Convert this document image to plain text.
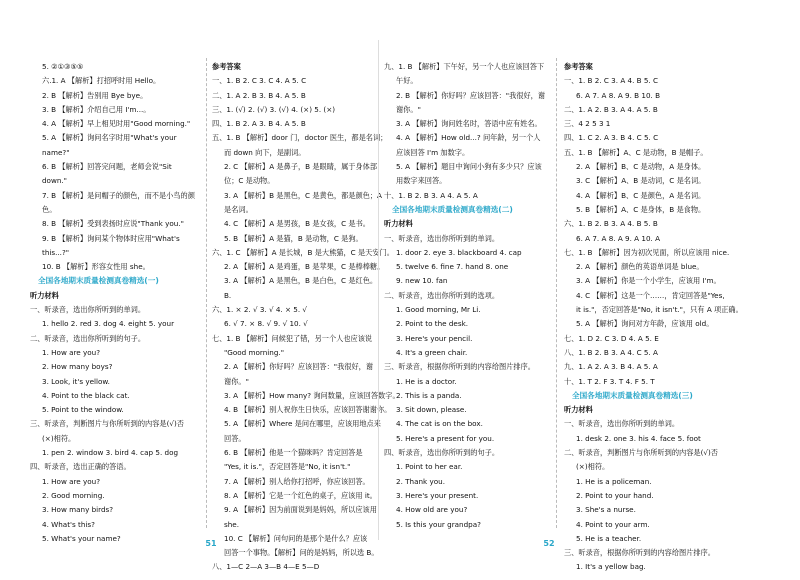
5. ②①③⑤⑤
六.1. A 【解析】打招呼时用 Hello。
2. B 【解析】告别用 Bye bye。
3. B 【解析】介绍自己用 I'm...。
4. A 【解析】早上相见时用"Good morning."
5. A 【解析】询问名字时用"What's your
name?"
6. B 【解析】回答完问题，老师会说"Sit
down."
7. B 【解析】是问帽子的颜色，而不是小鸟的颜
色。
8. B 【解析】受到表扬时应说"Thank you."
9. B 【解析】询问某个物体时应用"What's
this...?"
10. B 【解析】形容女性用 she。
全国各地期末质量检测真卷精选(一)
听力材料
一、听录音，选出你所听到的单词。
1. hello 2. red 3. dog 4. eight 5. your
二、听录音，选出你所听到的句子。
1. How are you?
2. How many boys?
3. Look, it's yellow.
4. Point to the black cat.
5. Point to the window.
三、听录音，判断图片与你所听到的内容是(√)否
(×)相符。
1. pen 2. window 3. bird 4. cap 5. dog
四、听录音，选出正确的答语。
1. How are you?
2. Good morning.
3. How many birds?
4. What's this?
5. What's your name?
参考答案
一、1. B 2. C 3. C 4. A 5. C
二、1. A 2. B 3. B 4. A 5. B
三、1. (√) 2. (√) 3. (√) 4. (×) 5. (×)
四、1. B 2. A 3. B 4. A 5. B
五、1. B 【解析】door 门，doctor 医生，都是名词；
而 down 向下，是副词。
2. C 【解析】A 是鼻子，B 是眼睛，属于身体部
位；C 是动物。
3. A 【解析】B 是黑色，C 是黄色，都是颜色；A
是名词。
4. C 【解析】A 是男孩，B 是女孩，C 是书。
5. B 【解析】A 是猫，B 是动物，C 是狗。
六、1. C 【解析】A 是长城，B 是大熊猫，C 是天安门。
2. A 【解析】A 是鸡蛋，B 是苹果，C 是棒棒糖。
3. A 【解析】A 是黑色，B 是白色，C 是红色。
B.
六、1. × 2. √ 3. √ 4. × 5. √
6. √ 7. × 8. √ 9. √ 10. √
七、1. B 【解析】问候犯了错，另一个人也应该说
"Good morning."
2. A 【解析】你好吗？应该回答："我很好，谢
谢你。"
3. A 【解析】How many? 询问数量，应该回答数字。
4. B 【解析】别人祝你生日快乐，应该回答谢谢你。
5. A 【解析】Where 是问在哪里，应该用地点来
回答。
6. B 【解析】他是一个猫咪吗？肯定回答是
"Yes, it is."，否定回答是"No, it isn't."
7. A 【解析】别人给你打招呼，你应该回答。
8. A 【解析】它是一个红色的桌子，应该用 it。
9. A 【解析】因为前面说到是妈妈，所以应该用
she.
10. C 【解析】问句问的是那个是什么？应该
回答一个事物。【解析】问的是妈妈，所以选 B。
八、1—C 2—A 3—B 4—E 5—D
51
九、1. B 【解析】下午好，另一个人也应该回答下
午好。
2. B 【解析】你好吗？应该回答："我很好，谢
谢你。"
3. A 【解析】询问姓名时，答语中应有姓名。
4. A 【解析】How old...? 问年龄，另一个人
应该回答 I'm 加数字。
5. A 【解析】题目中询问小狗有多少只？应该
用数字来回答。
十、1. B 2. B 3. A 4. A 5. A
全国各地期末质量检测真卷精选(二)
听力材料
一、听录音，选出你所听到的单词。
1. door 2. eye 3. blackboard 4. cap
5. twelve 6. fine 7. hand 8. one
9. new 10. fan
二、听录音，选出你所听到的选项。
1. Good morning, Mr Li.
2. Point to the desk.
3. Here's your pencil.
4. It's a green chair.
三、听录音，根据你所听到的内容给图片排序。
1. He is a doctor.
2. This is a panda.
3. Sit down, please.
4. The cat is on the box.
5. Here's a present for you.
四、听录音，选出你所听到的句子。
1. Point to her ear.
2. Thank you.
3. Here's your present.
4. How old are you?
5. Is this your grandpa?
参考答案
一、1. B 2. C 3. A 4. B 5. C
6. A 7. A 8. A 9. B 10. B
二、1. A 2. B 3. A 4. A 5. B
三、4 2 5 3 1
四、1. C 2. A 3. B 4. C 5. C
五、1. B 【解析】A、C 是动物，B 是帽子。
2. A 【解析】B、C 是动物，A 是身体。
3. C 【解析】A、B 是动词，C 是名词。
4. A 【解析】B、C 是颜色，A 是名词。
5. B 【解析】A、C 是身体，B 是食物。
六、1. B 2. B 3. A 4. B 5. B
6. A 7. A 8. A 9. A 10. A
七、1. B 【解析】因为初次见面，所以应该用 nice.
2. A 【解析】颜色的英语单词是 blue。
3. A 【解析】你是一个小学生，应该用 I'm。
4. C 【解析】这是一个……，肯定回答是"Yes,
it is."，否定回答是"No, it isn't."，只有 A 项正确。
5. A 【解析】询问对方年龄，应该用 old。
七、1. D 2. C 3. D 4. A 5. E
八、1. B 2. B 3. A 4. C 5. A
九、1. A 2. A 3. B 4. A 5. A
十、1. T 2. F 3. T 4. F 5. T
全国各地期末质量检测真卷精选(三)
听力材料
一、听录音，选出你所听到的单词。
1. desk 2. one 3. his 4. face 5. foot
二、听录音，判断图片与你所听到的内容是(√)否
(×)相符。
1. He is a policeman.
2. Point to your hand.
3. She's a nurse.
4. Point to your arm.
5. He is a teacher.
三、听录音，根据你所听到的内容给图片排序。
1. It's a yellow bag.
52
